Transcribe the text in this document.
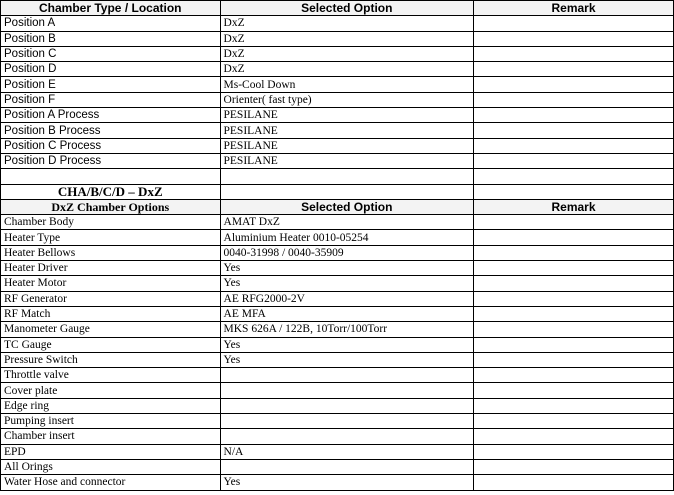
Chamber Type / Location	Selected Option	Remark
Position A	DxZ	
Position B	DxZ	
Position C	DxZ	
Position D	DxZ	
Position E	Ms-Cool Down	
Position F	Orienter( fast type)	
Position A Process	PESILANE	
Position B Process	PESILANE	
Position C Process	PESILANE	
Position D Process	PESILANE	

CHA/B/C/D – DxZ		
DxZ Chamber Options	Selected Option	Remark
Chamber Body	AMAT DxZ	
Heater Type	Aluminium Heater 0010-05254	
Heater Bellows	0040-31998 / 0040-35909	
Heater Driver	Yes	
Heater Motor	Yes	
RF Generator	AE RFG2000-2V	
RF Match	AE MFA	
Manometer Gauge	MKS 626A / 122B, 10Torr/100Torr	
TC Gauge	Yes	
Pressure Switch	Yes	
Throttle valve		
Cover plate		
Edge ring		
Pumping insert		
Chamber insert		
EPD	N/A	
All Orings		
Water Hose and connector	Yes	
